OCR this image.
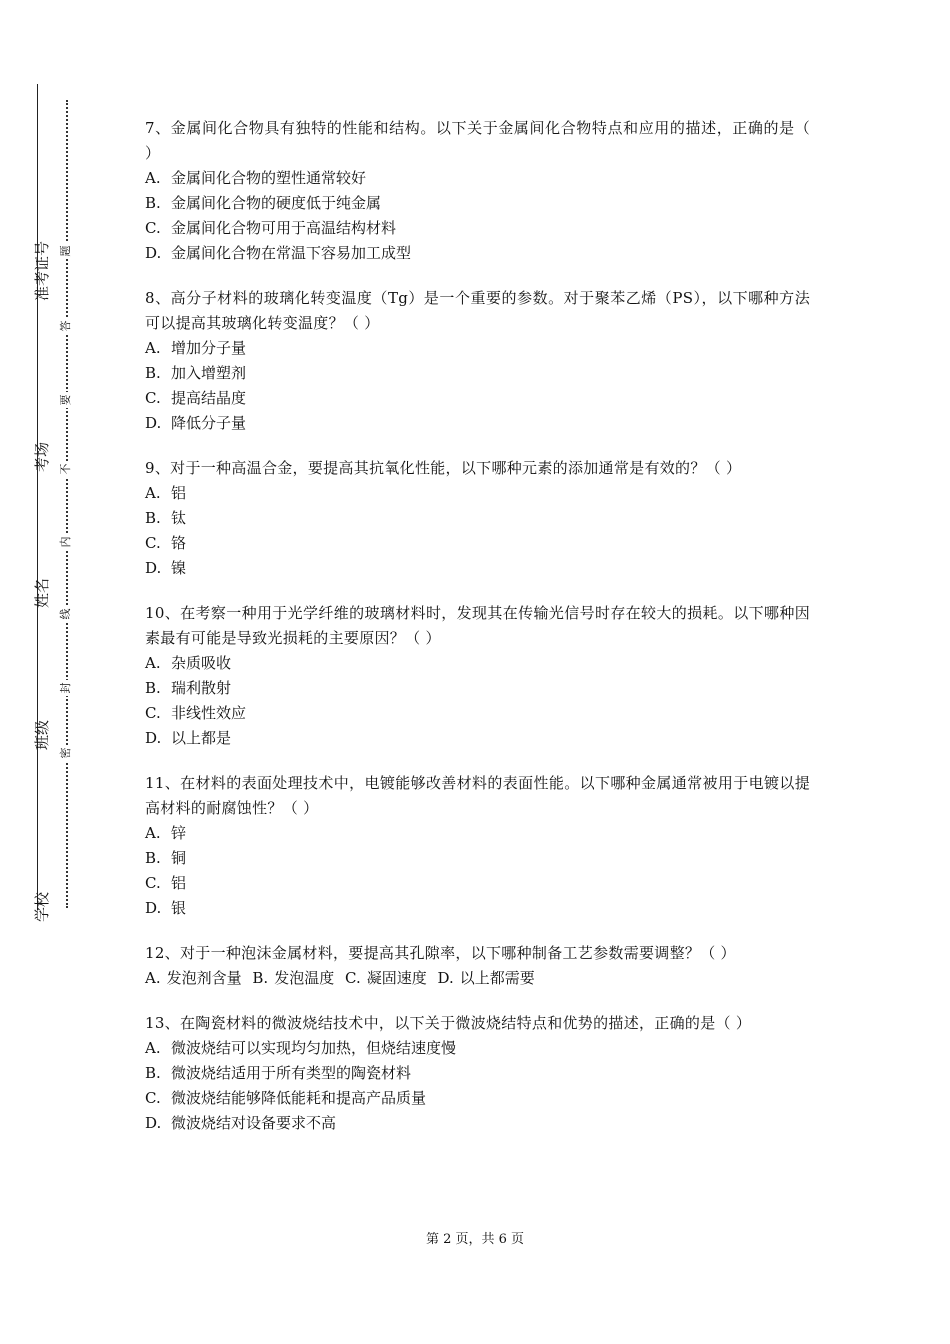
准考证号
考场
姓名
班级
学校
题
答
要
不
内
线
封
密

7、金属间化合物具有独特的性能和结构。以下关于金属间化合物特点和应用的描述，正确的是（ ）

A. 金属间化合物的塑性通常较好

B. 金属间化合物的硬度低于纯金属

C. 金属间化合物可用于高温结构材料

D. 金属间化合物在常温下容易加工成型

8、高分子材料的玻璃化转变温度（Tg）是一个重要的参数。对于聚苯乙烯（PS），以下哪种方法可以提高其玻璃化转变温度？（ ）

A. 增加分子量

B. 加入增塑剂

C. 提高结晶度

D. 降低分子量

9、对于一种高温合金，要提高其抗氧化性能，以下哪种元素的添加通常是有效的？（ ）

A. 铝

B. 钛

C. 铬

D. 镍

10、在考察一种用于光学纤维的玻璃材料时，发现其在传输光信号时存在较大的损耗。以下哪种因素最有可能是导致光损耗的主要原因？（ ）

A. 杂质吸收

B. 瑞利散射

C. 非线性效应

D. 以上都是

11、在材料的表面处理技术中，电镀能够改善材料的表面性能。以下哪种金属通常被用于电镀以提高材料的耐腐蚀性？（ ）

A. 锌

B. 铜

C. 铝

D. 银

12、对于一种泡沫金属材料，要提高其孔隙率，以下哪种制备工艺参数需要调整？（ ）

A. 发泡剂含量 B. 发泡温度 C. 凝固速度 D. 以上都需要

13、在陶瓷材料的微波烧结技术中，以下关于微波烧结特点和优势的描述，正确的是（ ）

A. 微波烧结可以实现均匀加热，但烧结速度慢

B. 微波烧结适用于所有类型的陶瓷材料

C. 微波烧结能够降低能耗和提高产品质量

D. 微波烧结对设备要求不高

第 2 页，共 6 页
